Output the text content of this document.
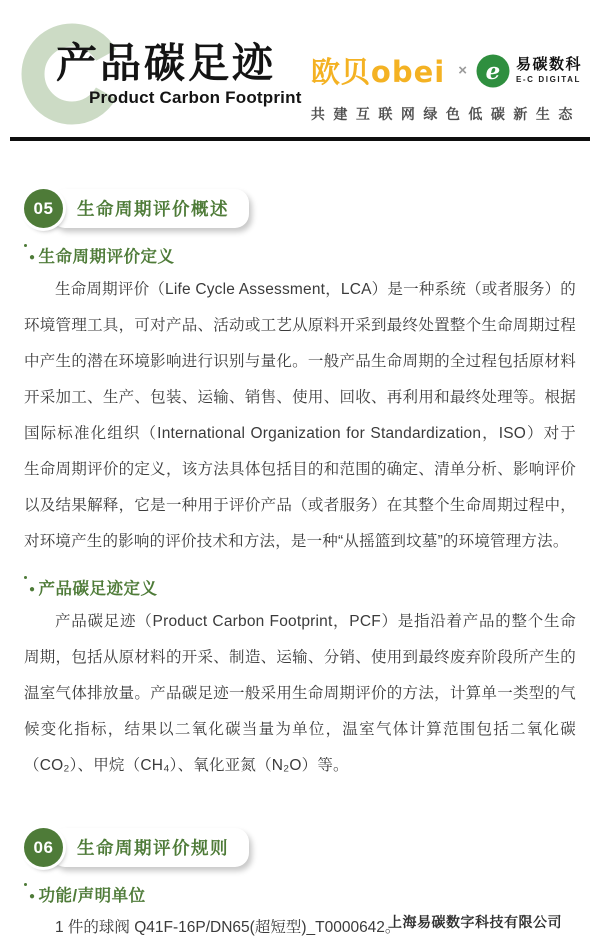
产品碳足迹
Product Carbon Footprint
欧贝obei × e 易碳数科
E-C DIGITAL
共建互联网绿色低碳新生态
05	生命周期评价概述
● 生命周期评价定义

生命周期评价（Life Cycle Assessment，LCA）是一种系统（或者服务）的环境管理工具，可对产品、活动或工艺从原料开采到最终处置整个生命周期过程中产生的潜在环境影响进行识别与量化。一般产品生命周期的全过程包括原材料开采加工、生产、包装、运输、销售、使用、回收、再利用和最终处理等。根据国际标准化组织（International Organization for Standardization，ISO）对于生命周期评价的定义，该方法具体包括目的和范围的确定、清单分析、影响评价以及结果解释，它是一种用于评价产品（或者服务）在其整个生命周期过程中，对环境产生的影响的评价技术和方法，是一种“从摇篮到坟墓”的环境管理方法。

● 产品碳足迹定义

产品碳足迹（Product Carbon Footprint，PCF）是指沿着产品的整个生命周期，包括从原材料的开采、制造、运输、分销、使用到最终废弃阶段所产生的温室气体排放量。产品碳足迹一般采用生命周期评价的方法，计算单一类型的气候变化指标，结果以二氧化碳当量为单位，温室气体计算范围包括二氧化碳（CO₂）、甲烷（CH₄）、氧化亚氮（N₂O）等。

06	生命周期评价规则
● 功能/声明单位

1 件的球阀 Q41F-16P/DN65(超短型)_T0000642。

上海易碳数字科技有限公司
